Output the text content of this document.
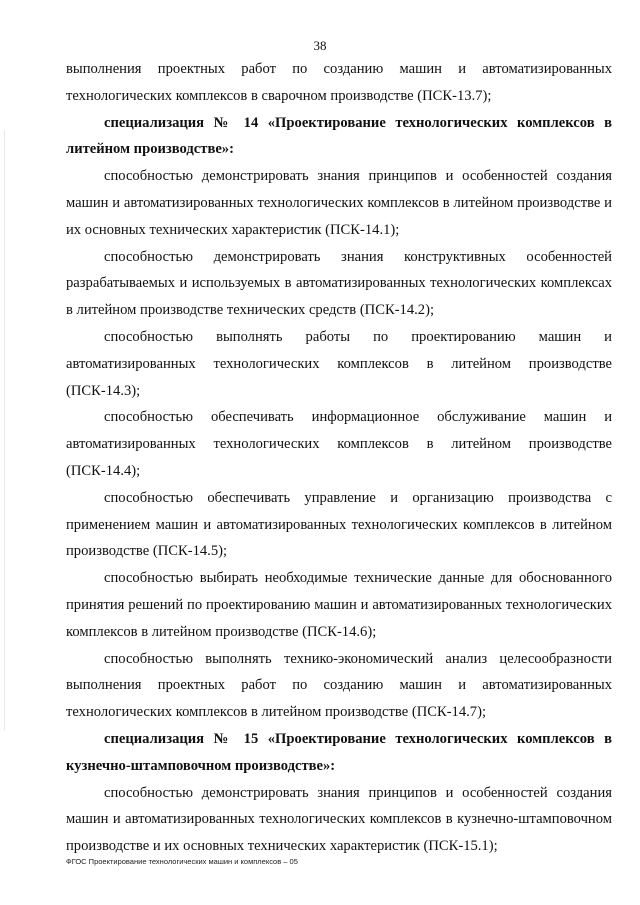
38

выполнения проектных работ по созданию машин и автоматизированных технологических комплексов в сварочном производстве (ПСК-13.7);

специализация № 14 «Проектирование технологических комплексов в литейном производстве»:

способностью демонстрировать знания принципов и особенностей создания машин и автоматизированных технологических комплексов в литейном производстве и их основных технических характеристик (ПСК-14.1);

способностью демонстрировать знания конструктивных особенностей разрабатываемых и используемых в автоматизированных технологических комплексах в литейном производстве технических средств (ПСК-14.2);

способностью выполнять работы по проектированию машин и автоматизированных технологических комплексов в литейном производстве (ПСК-14.3);

способностью обеспечивать информационное обслуживание машин и автоматизированных технологических комплексов в литейном производстве (ПСК-14.4);

способностью обеспечивать управление и организацию производства с применением машин и автоматизированных технологических комплексов в литейном производстве (ПСК-14.5);

способностью выбирать необходимые технические данные для обоснованного принятия решений по проектированию машин и автоматизированных технологических комплексов в литейном производстве (ПСК-14.6);

способностью выполнять технико-экономический анализ целесообразности выполнения проектных работ по созданию машин и автоматизированных технологических комплексов в литейном производстве (ПСК-14.7);

специализация № 15 «Проектирование технологических комплексов в кузнечно-штамповочном производстве»:

способностью демонстрировать знания принципов и особенностей создания машин и автоматизированных технологических комплексов в кузнечно-штамповочном производстве и их основных технических характеристик (ПСК-15.1);

ФГОС Проектирование технологических машин и комплексов – 05
